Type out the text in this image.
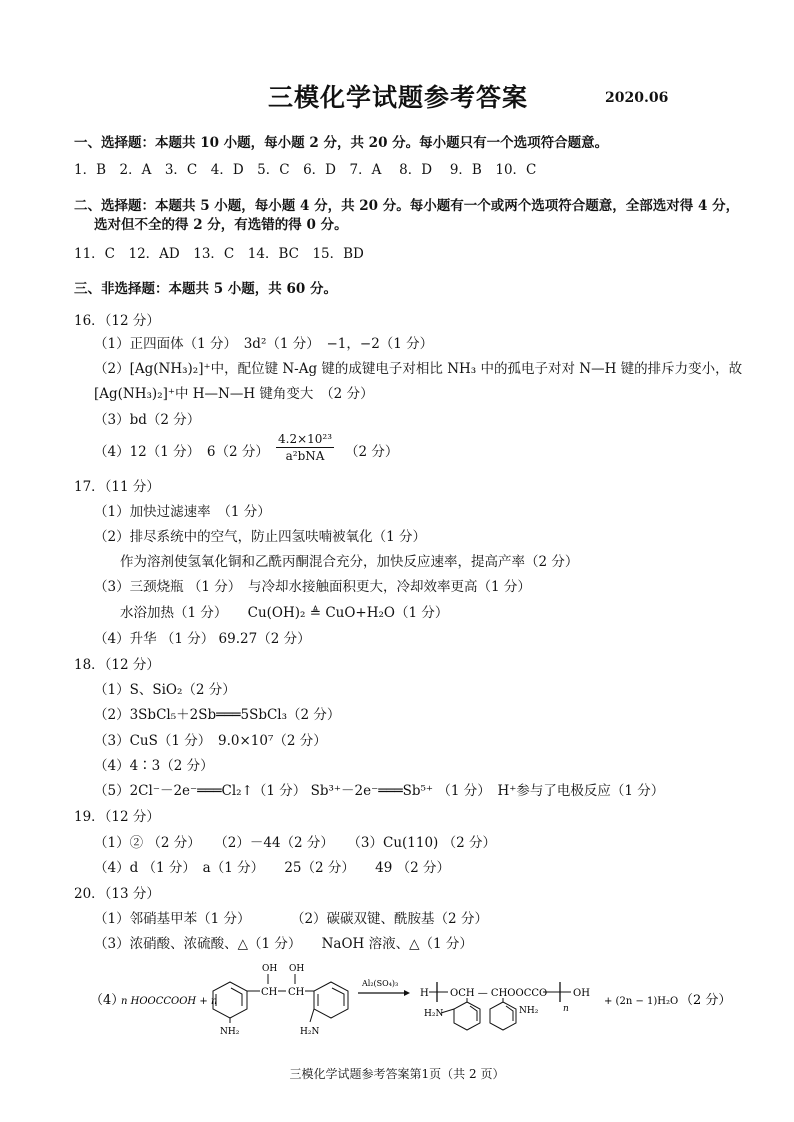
三模化学试题参考答案	2020.06
一、选择题：本题共 10 小题，每小题 2 分，共 20 分。每小题只有一个选项符合题意。
1．B　2．A　3．C　4．D　5．C　6．D　7．A　 8．D　 9．B　10．C
二、选择题：本题共 5 小题，每小题 4 分，共 20 分。每小题有一个或两个选项符合题意，全部选对得 4 分，
选对但不全的得 2 分，有选错的得 0 分。
11．C　12．AD　13．C　14．BC　15．BD
三、非选择题：本题共 5 小题，共 60 分。
16．（12 分）
（1）正四面体（1 分）　3d²（1 分）　−1，−2（1 分）
（2）[Ag(NH₃)₂]⁺中，配位键 N-Ag 键的成键电子对相比 NH₃ 中的孤电子对对 N—H 键的排斥力变小，故
[Ag(NH₃)₂]⁺中 H—N—H 键角变大　（2 分）
（3）bd（2 分）
（4）12（1 分）　6（2 分）
4.2×10²³
a²bNA	（2 分）
17．（11 分）
（1）加快过滤速率　（1 分）
（2）排尽系统中的空气，防止四氢呋喃被氧化（1 分）
作为溶剂使氢氧化铜和乙酰丙酮混合充分，加快反应速率，提高产率（2 分）
（3）三颈烧瓶 （1 分）　与冷却水接触面积更大，冷却效率更高（1 分）
水浴加热（1 分）　　Cu(OH)₂ ≜ CuO+H₂O（1 分）
（4）升华 （1 分） 69.27（2 分）
18．（12 分）
（1）S、SiO₂（2 分）
（2）3SbCl₅＋2Sb═══5SbCl₃（2 分）
（3）CuS（1 分）　9.0×10⁷（2 分）
（4）4∶3（2 分）
（5）2Cl⁻－2e⁻═══Cl₂↑（1 分） Sb³⁺－2e⁻═══Sb⁵⁺ （1 分）　H⁺参与了电极反应（1 分）
19．（12 分）
（1）② （2 分）　　（2）－44（2 分）　　（3）Cu(110) （2 分）
（4）d （1 分）　a（1 分）　　25（2 分）　　49 （2 分）
20．（13 分）
（1）邻硝基甲苯（1 分）　　　　（2）碳碳双键、酰胺基（2 分）
（3）浓硝酸、浓硫酸、△（1 分）　　NaOH 溶液、△（1 分）
（4）
n HOOCCOOH + n
NH₂
OH
CH
OH
CH
H₂N
Al₂(SO₄)₃
H OCH — CHOOCCO	OH
n
H₂N	NH₂
+ (2n − 1)H₂O （2 分）
三模化学试题参考答案第1页（共 2 页）
